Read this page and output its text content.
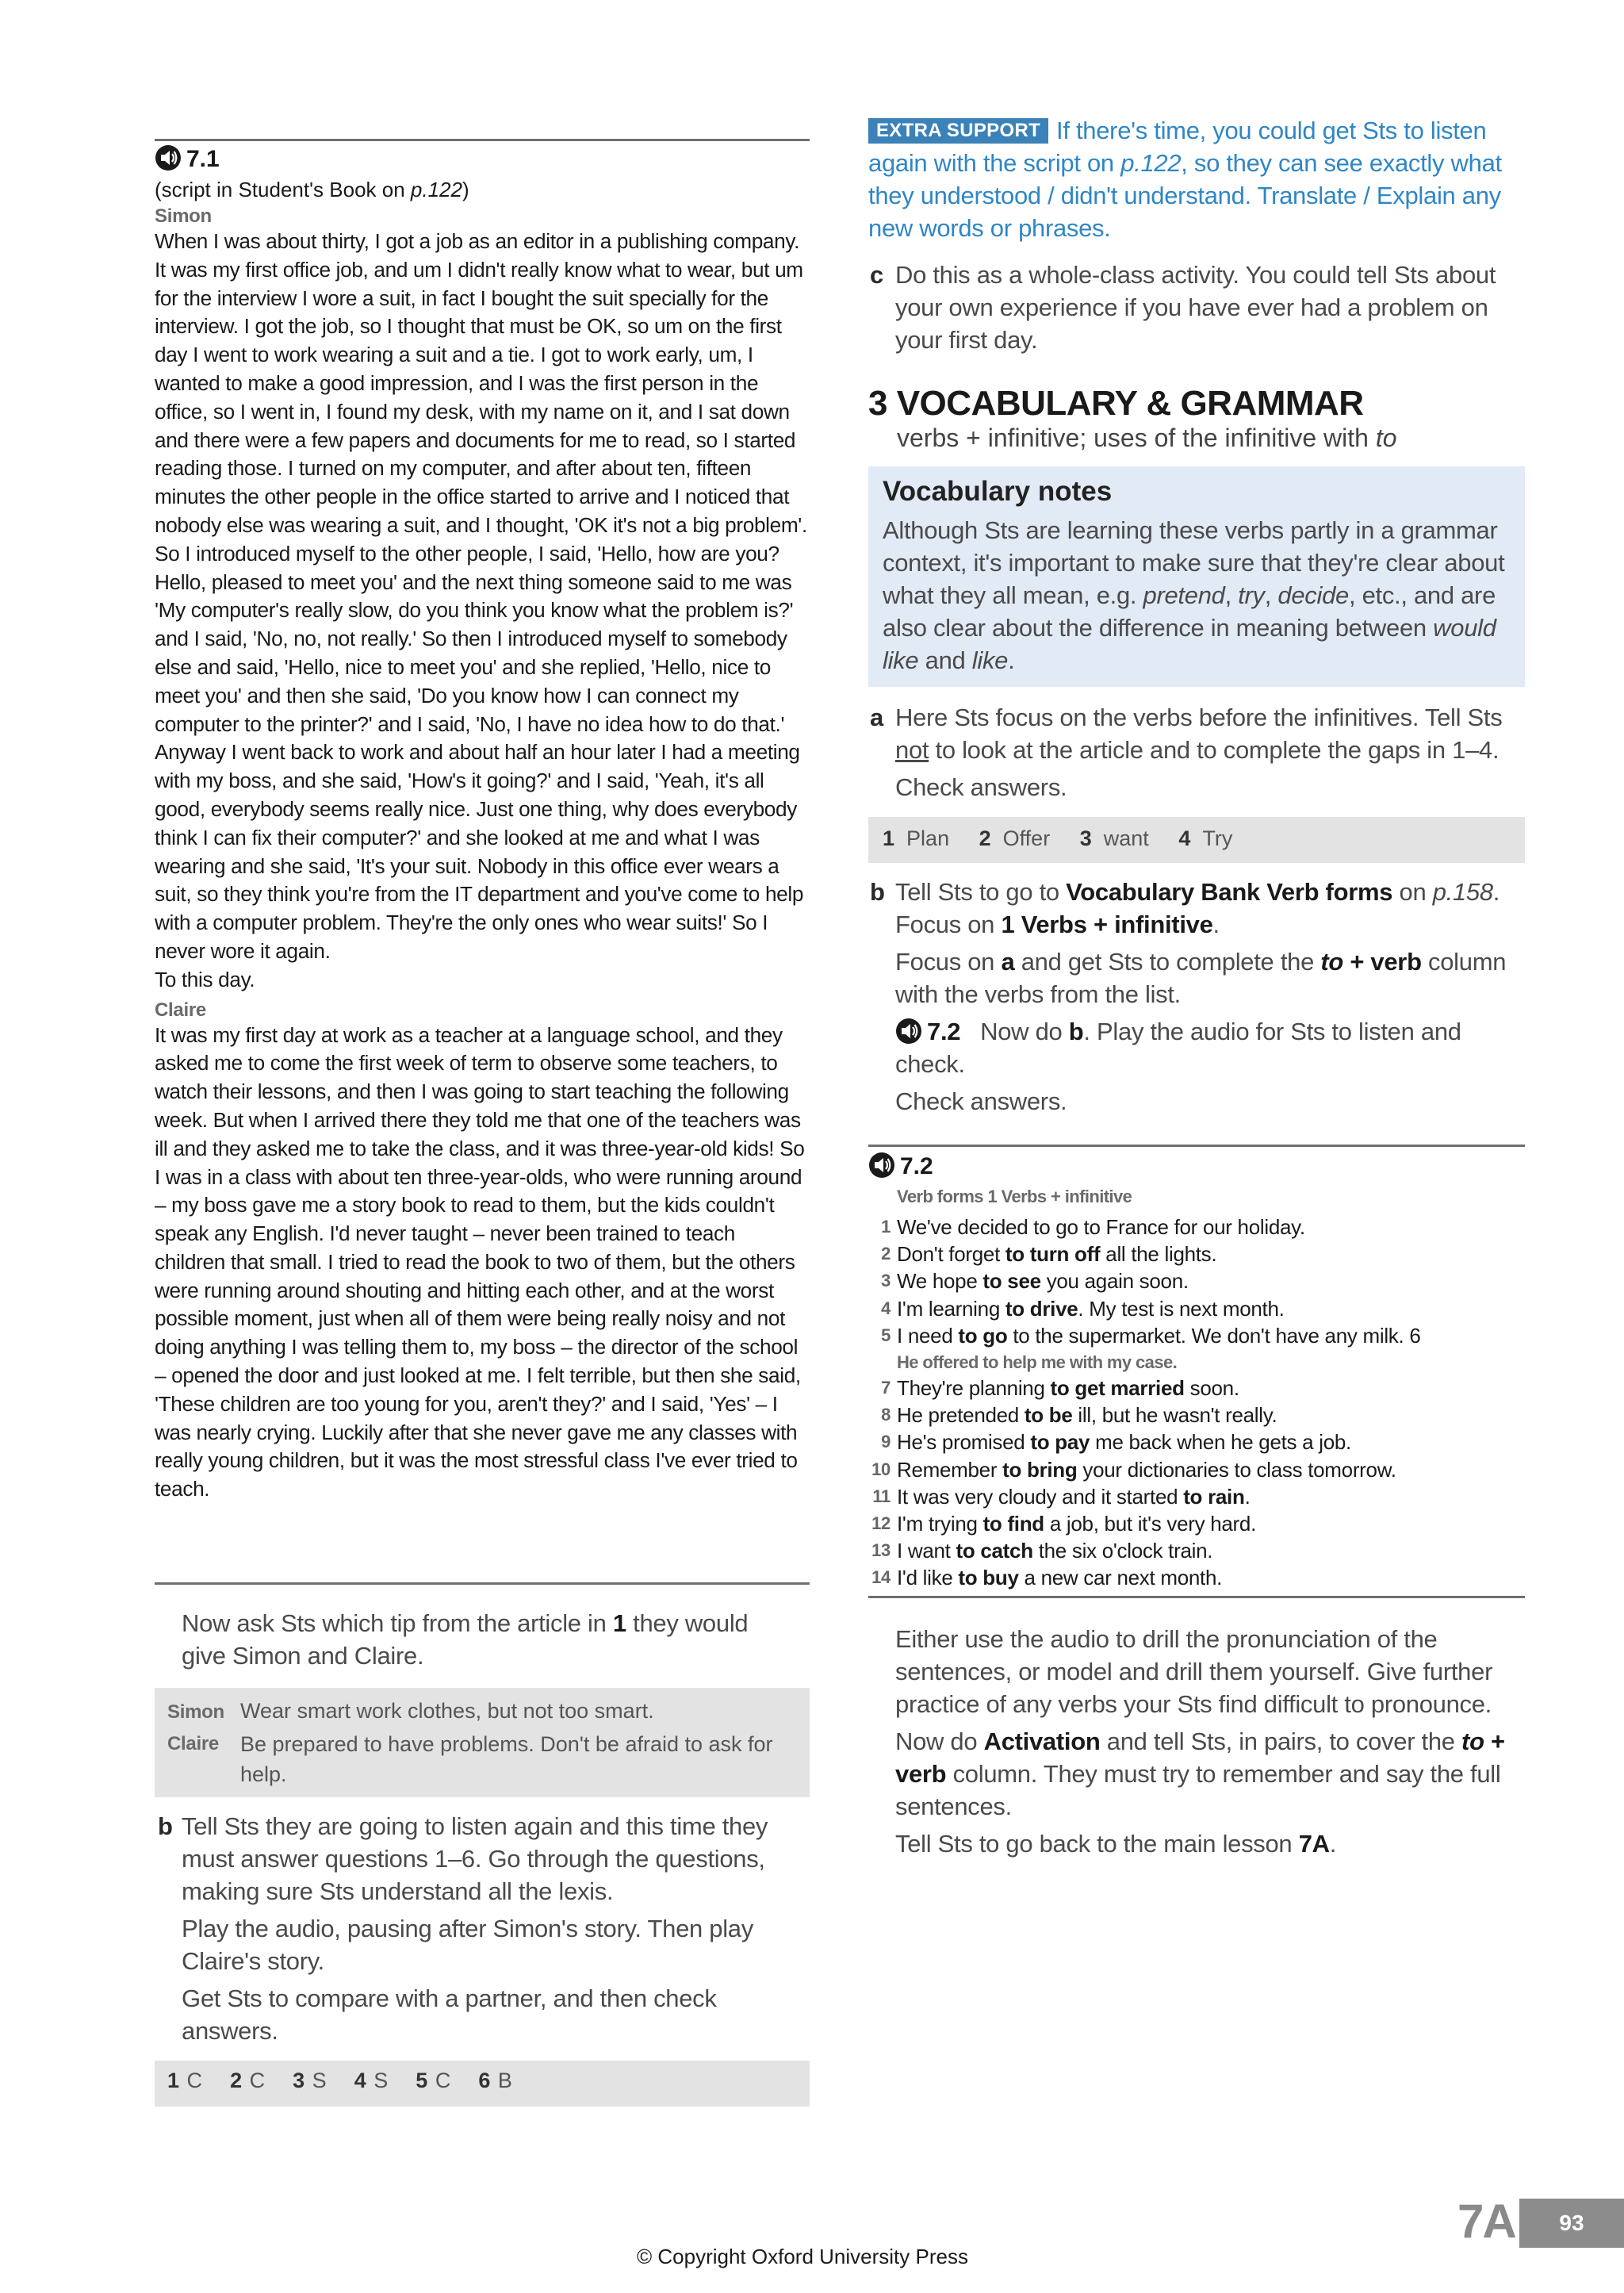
7.1
(script in Student's Book on p.122)
Simon

When I was about thirty, I got a job as an editor in a publishing company. It was my first office job, and um I didn't really know what to wear, but um for the interview I wore a suit, in fact I bought the suit specially for the interview. I got the job, so I thought that must be OK, so um on the first day I went to work wearing a suit and a tie. I got to work early, um, I wanted to make a good impression, and I was the first person in the office, so I went in, I found my desk, with my name on it, and I sat down and there were a few papers and documents for me to read, so I started reading those. I turned on my computer, and after about ten, fifteen minutes the other people in the office started to arrive and I noticed that nobody else was wearing a suit, and I thought, 'OK it's not a big problem'. So I introduced myself to the other people, I said, 'Hello, how are you? Hello, pleased to meet you' and the next thing someone said to me was 'My computer's really slow, do you think you know what the problem is?' and I said, 'No, no, not really.' So then I introduced myself to somebody else and said, 'Hello, nice to meet you' and she replied, 'Hello, nice to meet you' and then she said, 'Do you know how I can connect my computer to the printer?' and I said, 'No, I have no idea how to do that.' Anyway I went back to work and about half an hour later I had a meeting with my boss, and she said, 'How's it going?' and I said, 'Yeah, it's all good, everybody seems really nice. Just one thing, why does everybody think I can fix their computer?' and she looked at me and what I was wearing and she said, 'It's your suit. Nobody in this office ever wears a suit, so they think you're from the IT department and you've come to help with a computer problem. They're the only ones who wear suits!' So I never wore it again.

To this day.

Claire

It was my first day at work as a teacher at a language school, and they asked me to come the first week of term to observe some teachers, to watch their lessons, and then I was going to start teaching the following week. But when I arrived there they told me that one of the teachers was ill and they asked me to take the class, and it was three-year-old kids! So I was in a class with about ten three-year-olds, who were running around – my boss gave me a story book to read to them, but the kids couldn't speak any English. I'd never taught – never been trained to teach children that small. I tried to read the book to two of them, but the others were running around shouting and hitting each other, and at the worst possible moment, just when all of them were being really noisy and not doing anything I was telling them to, my boss – the director of the school – opened the door and just looked at me. I felt terrible, but then she said, 'These children are too young for you, aren't they?' and I said, 'Yes' – I was nearly crying. Luckily after that she never gave me any classes with really young children, but it was the most stressful class I've ever tried to teach.

Now ask Sts which tip from the article in 1 they would give Simon and Claire.

Simon Wear smart work clothes, but not too smart.
Claire	Be prepared to have problems. Don't be afraid to ask for help.
b Tell Sts they are going to listen again and this time they must answer questions 1–6. Go through the questions, making sure Sts understand all the lexis.

Play the audio, pausing after Simon's story. Then play Claire's story.

Get Sts to compare with a partner, and then check answers.

1 C 2 C 3 S 4 S 5 C 6 B
EXTRA SUPPORT If there's time, you could get Sts to listen again with the script on p.122, so they can see exactly what they understood / didn't understand. Translate / Explain any new words or phrases.
c Do this as a whole-class activity. You could tell Sts about your own experience if you have ever had a problem on your first day.

3 VOCABULARY & GRAMMAR
verbs + infinitive; uses of the infinitive with to
Vocabulary notes
Although Sts are learning these verbs partly in a grammar context, it's important to make sure that they're clear about what they all mean, e.g. pretend, try, decide, etc., and are also clear about the difference in meaning between would like and like.
a Here Sts focus on the verbs before the infinitives. Tell Sts not to look at the article and to complete the gaps in 1–4.

Check answers.

1 Plan 2 Offer 3 want 4 Try
b Tell Sts to go to Vocabulary Bank Verb forms on p.158.
Focus on 1 Verbs + infinitive.

Focus on a and get Sts to complete the to + verb column with the verbs from the list.

7.2 Now do b. Play the audio for Sts to listen and check.

Check answers.

7.2
Verb forms 1 Verbs + infinitive
1 We've decided to go to France for our holiday.
2 Don't forget to turn off all the lights.
3 We hope to see you again soon.
4 I'm learning to drive. My test is next month.
5 I need to go to the supermarket. We don't have any milk. 6
He offered to help me with my case.
7 They're planning to get married soon.
8 He pretended to be ill, but he wasn't really.
9 He's promised to pay me back when he gets a job.
10 Remember to bring your dictionaries to class tomorrow.
11 It was very cloudy and it started to rain.
12 I'm trying to find a job, but it's very hard.
13 I want to catch the six o'clock train.
14 I'd like to buy a new car next month.

Either use the audio to drill the pronunciation of the sentences, or model and drill them yourself. Give further practice of any verbs your Sts find difficult to pronounce.

Now do Activation and tell Sts, in pairs, to cover the to + verb column. They must try to remember and say the full sentences.

Tell Sts to go back to the main lesson 7A.

7A	93
© Copyright Oxford University Press
